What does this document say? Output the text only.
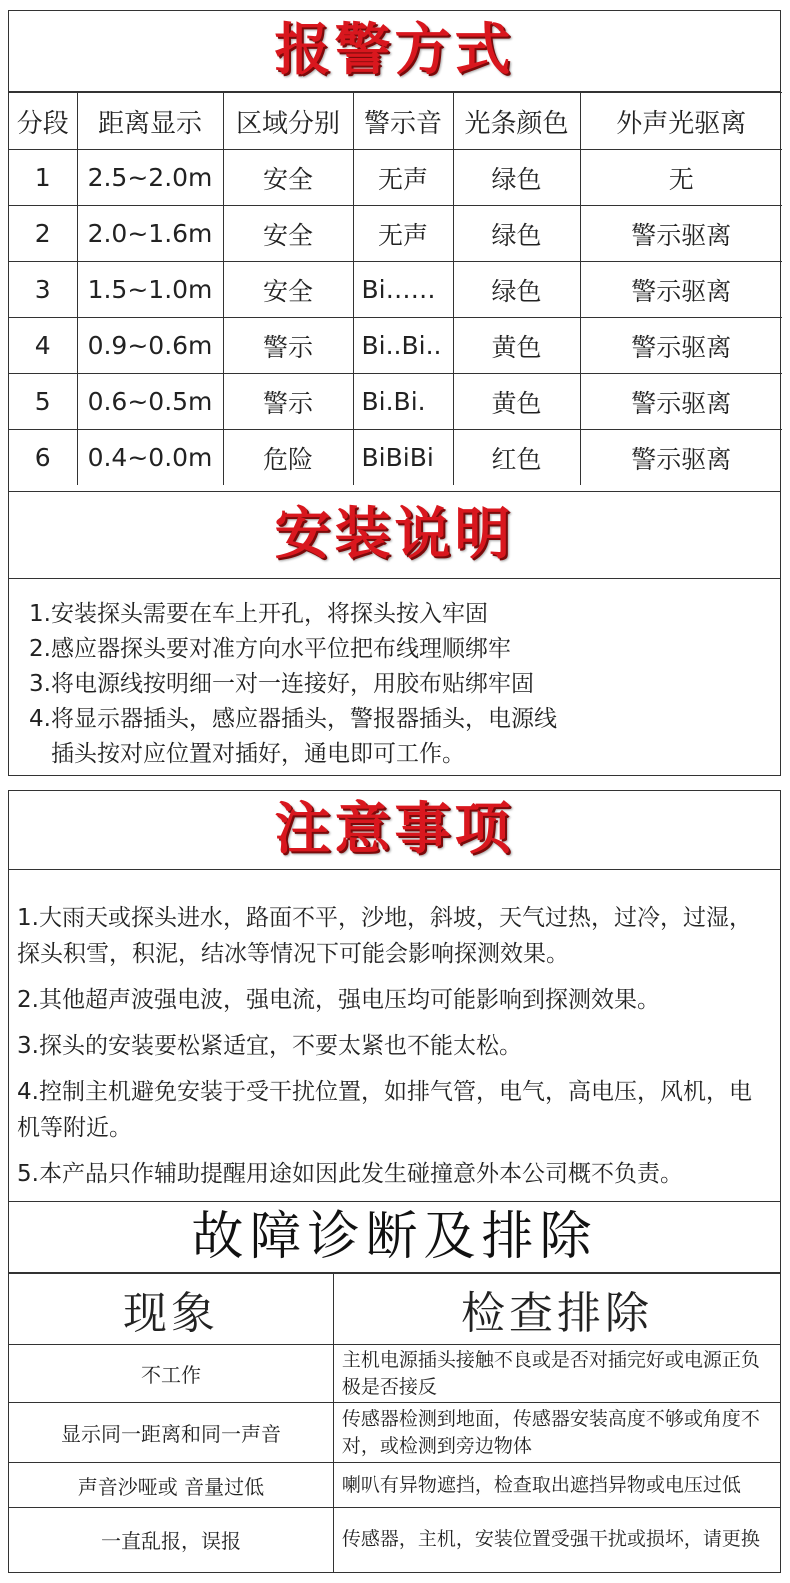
报警方式
分段	距离显示	区域分别	警示音	光条颜色	外声光驱离
1	2.5~2.0m	安全	无声	绿色	无
2	2.0~1.6m	安全	无声	绿色	警示驱离
3	1.5~1.0m	安全	Bi……	绿色	警示驱离
4	0.9~0.6m	警示	Bi..Bi..	黄色	警示驱离
5	0.6~0.5m	警示	Bi.Bi.	黄色	警示驱离
6	0.4~0.0m	危险	BiBiBi	红色	警示驱离
安装说明
1.安装探头需要在车上开孔，将探头按入牢固
2.感应器探头要对准方向水平位把布线理顺绑牢
3.将电源线按明细一对一连接好，用胶布贴绑牢固
4.将显示器插头，感应器插头，警报器插头，电源线
插头按对应位置对插好，通电即可工作。
注意事项

1.大雨天或探头进水，路面不平，沙地，斜坡，天气过热，过冷，过湿，探头积雪，积泥，结冰等情况下可能会影响探测效果。

2.其他超声波强电波，强电流，强电压均可能影响到探测效果。

3.探头的安装要松紧适宜，不要太紧也不能太松。

4.控制主机避免安装于受干扰位置，如排气管，电气，高电压，风机，电机等附近。

5.本产品只作辅助提醒用途如因此发生碰撞意外本公司概不负责。

故障诊断及排除
现象	检查排除
不工作	主机电源插头接触不良或是否对插完好或电源正负极是否接反
显示同一距离和同一声音	传感器检测到地面，传感器安装高度不够或角度不对，或检测到旁边物体
声音沙哑或 音量过低	喇叭有异物遮挡，检查取出遮挡异物或电压过低
一直乱报，误报	传感器，主机，安装位置受强干扰或损坏，请更换
